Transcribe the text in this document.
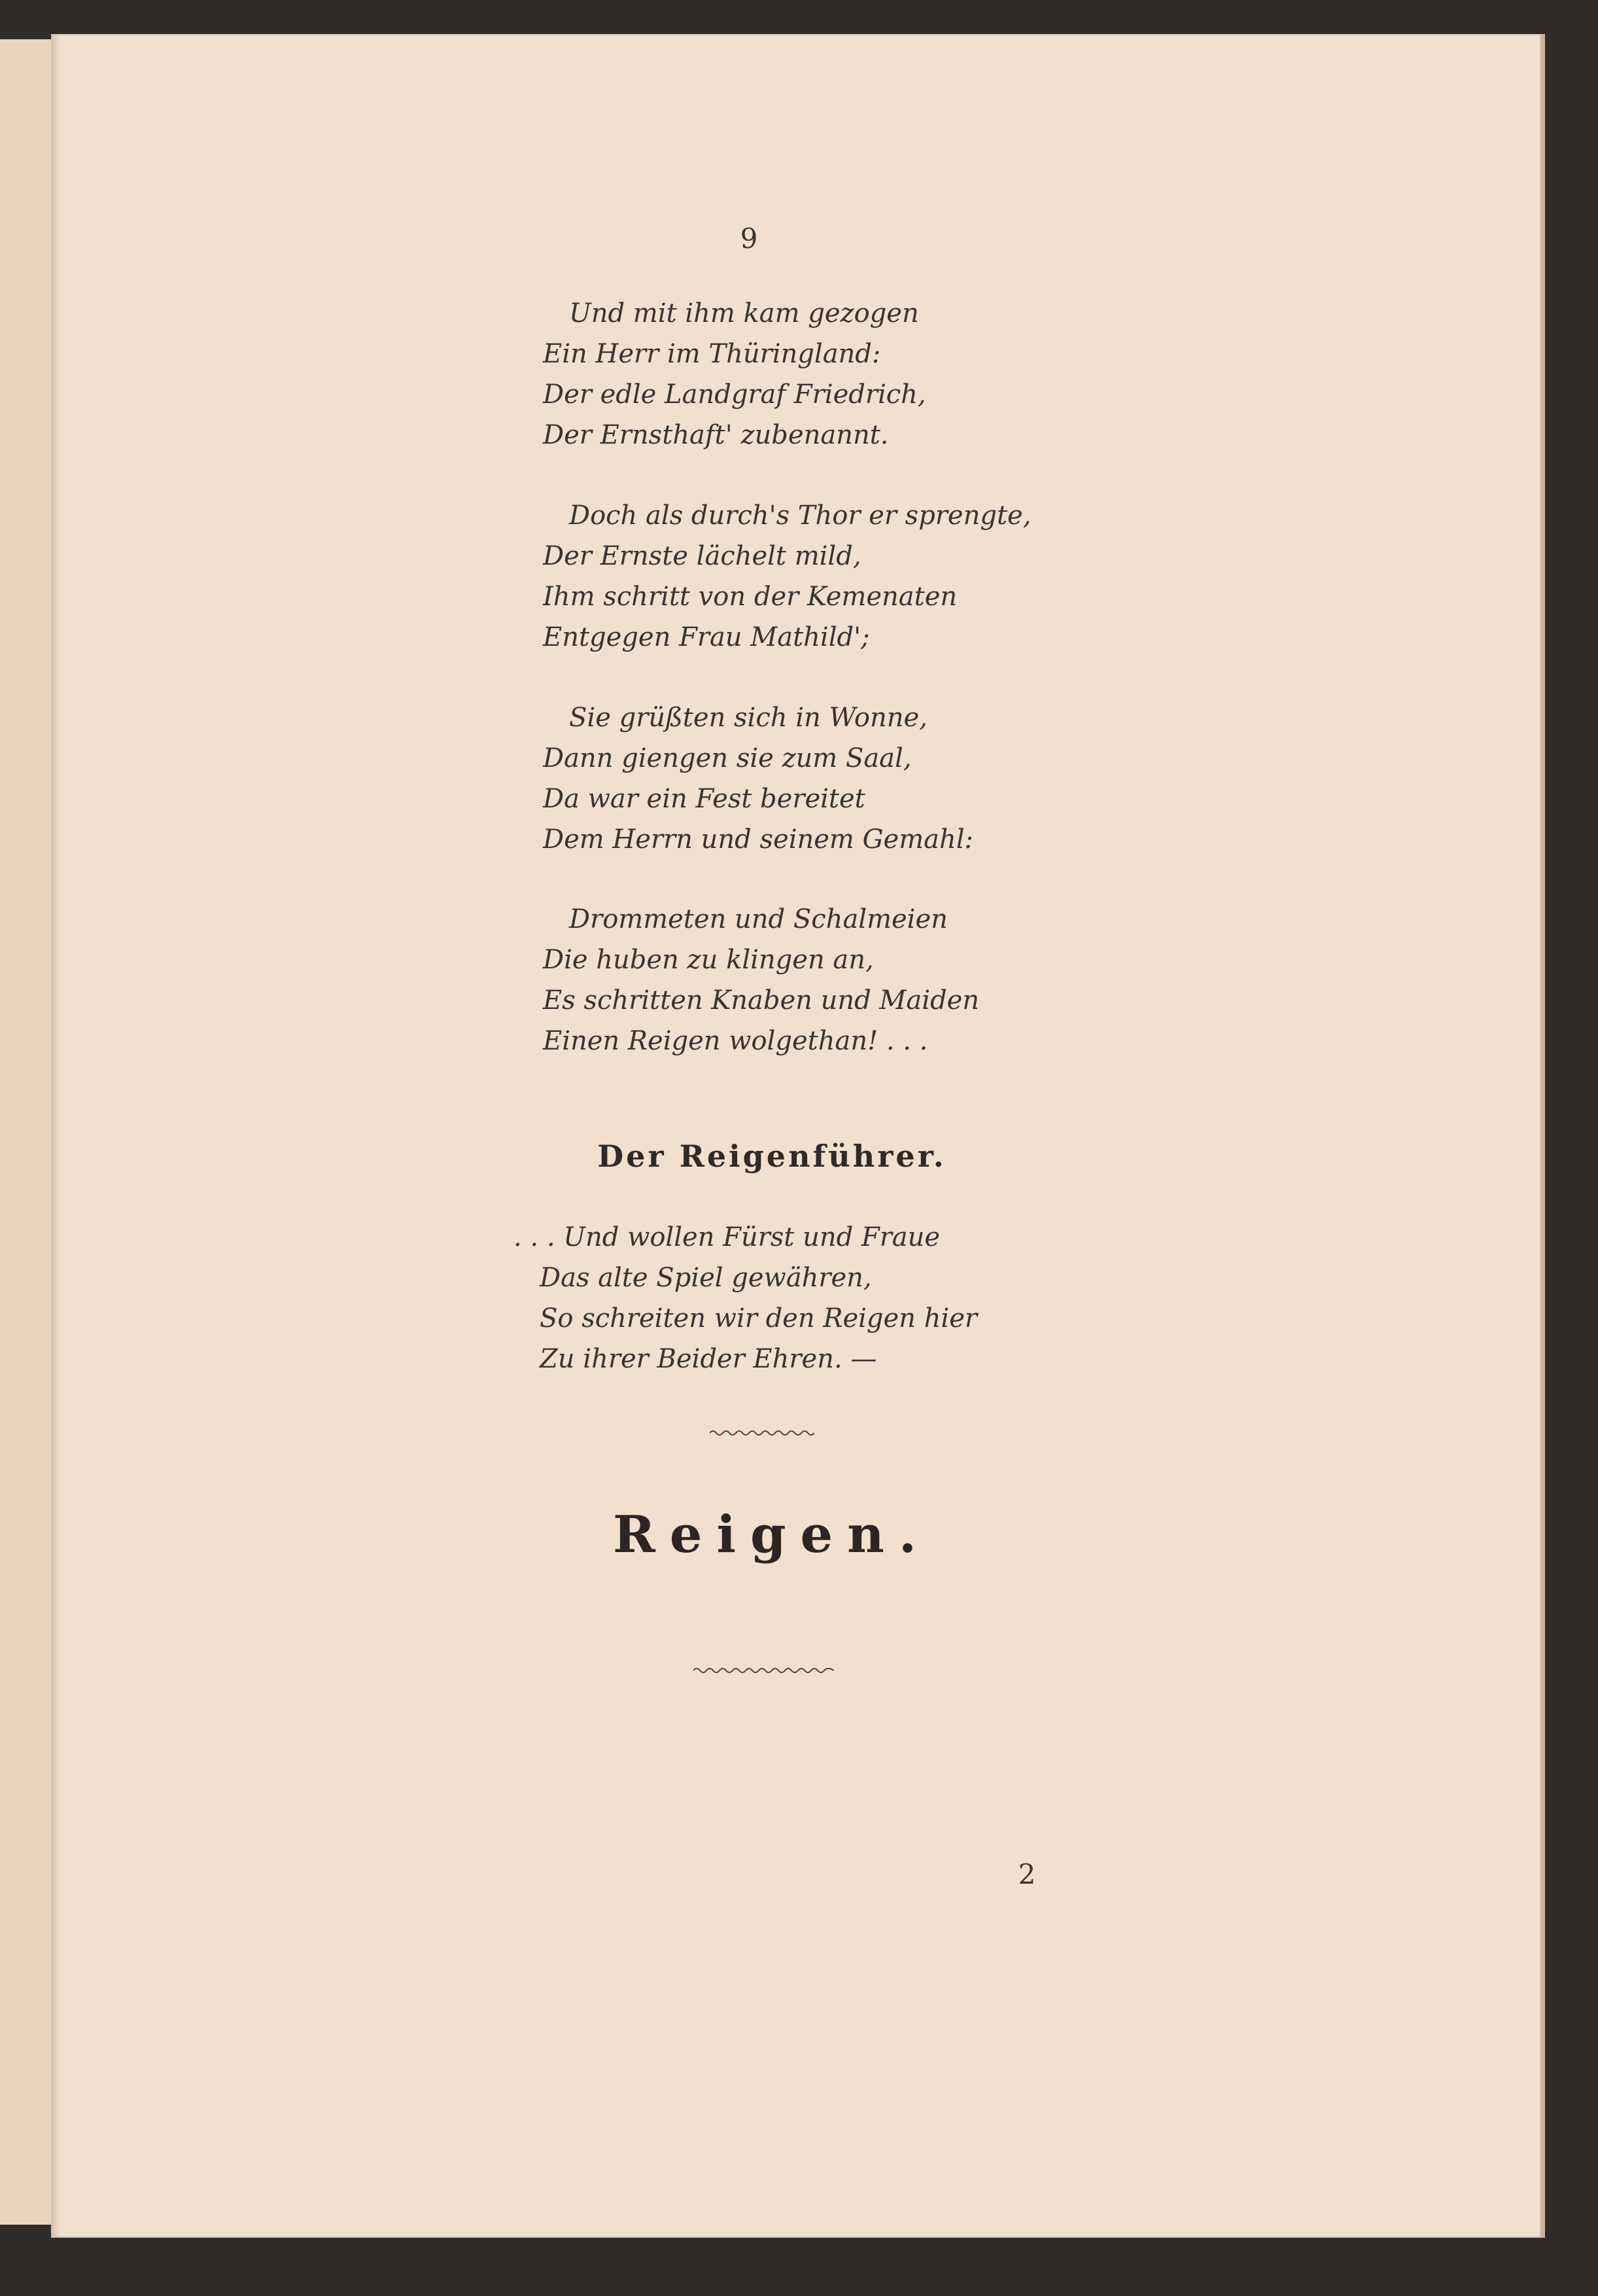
9
Und mit ihm kam gezogen
Ein Herr im Thüringland:
Der edle Landgraf Friedrich,
Der Ernsthaft' zubenannt.
Doch als durch's Thor er sprengte,
Der Ernste lächelt mild,
Ihm schritt von der Kemenaten
Entgegen Frau Mathild';
Sie grüßten sich in Wonne,
Dann giengen sie zum Saal,
Da war ein Fest bereitet
Dem Herrn und seinem Gemahl:
Drommeten und Schalmeien
Die huben zu klingen an,
Es schritten Knaben und Maiden
Einen Reigen wolgethan! . . .
Der Reigenführer.
. . . Und wollen Fürst und Fraue
Das alte Spiel gewähren,
So schreiten wir den Reigen hier
Zu ihrer Beider Ehren. —
Reigen.
2
